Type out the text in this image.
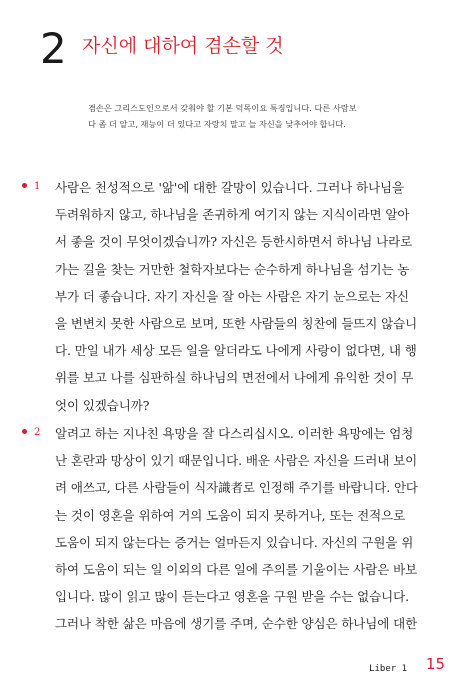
2 자신에 대하여 겸손할 것
겸손은 그리스도인으로서 갖춰야 할 기본 덕목이요 특징입니다. 다른 사람보
다 좀 더 알고, 재능이 더 있다고 자랑치 말고 늘 자신을 낮추어야 합니다.
1 사람은 천성적으로 '앎'에 대한 갈망이 있습니다. 그러나 하나님을
두려워하지 않고, 하나님을 존귀하게 여기지 않는 지식이라면 알아
서 좋을 것이 무엇이겠습니까? 자신은 등한시하면서 하나님 나라로
가는 길을 찾는 거만한 철학자보다는 순수하게 하나님을 섬기는 농
부가 더 좋습니다. 자기 자신을 잘 아는 사람은 자기 눈으로는 자신
을 변변치 못한 사람으로 보며, 또한 사람들의 칭찬에 들뜨지 않습니
다. 만일 내가 세상 모든 일을 알더라도 나에게 사랑이 없다면, 내 행
위를 보고 나를 심판하실 하나님의 면전에서 나에게 유익한 것이 무
엇이 있겠습니까?
2 알려고 하는 지나친 욕망을 잘 다스리십시오. 이러한 욕망에는 엄청
난 혼란과 망상이 있기 때문입니다. 배운 사람은 자신을 드러내 보이
려 애쓰고, 다른 사람들이 식자識者로 인정해 주기를 바랍니다. 안다
는 것이 영혼을 위하여 거의 도움이 되지 못하거나, 또는 전적으로
도움이 되지 않는다는 증거는 얼마든지 있습니다. 자신의 구원을 위
하여 도움이 되는 일 이외의 다른 일에 주의를 기울이는 사람은 바보
입니다. 많이 읽고 많이 듣는다고 영혼을 구원 받을 수는 없습니다.
그러나 착한 삶은 마음에 생기를 주며, 순수한 양심은 하나님에 대한
Liber 1 15
